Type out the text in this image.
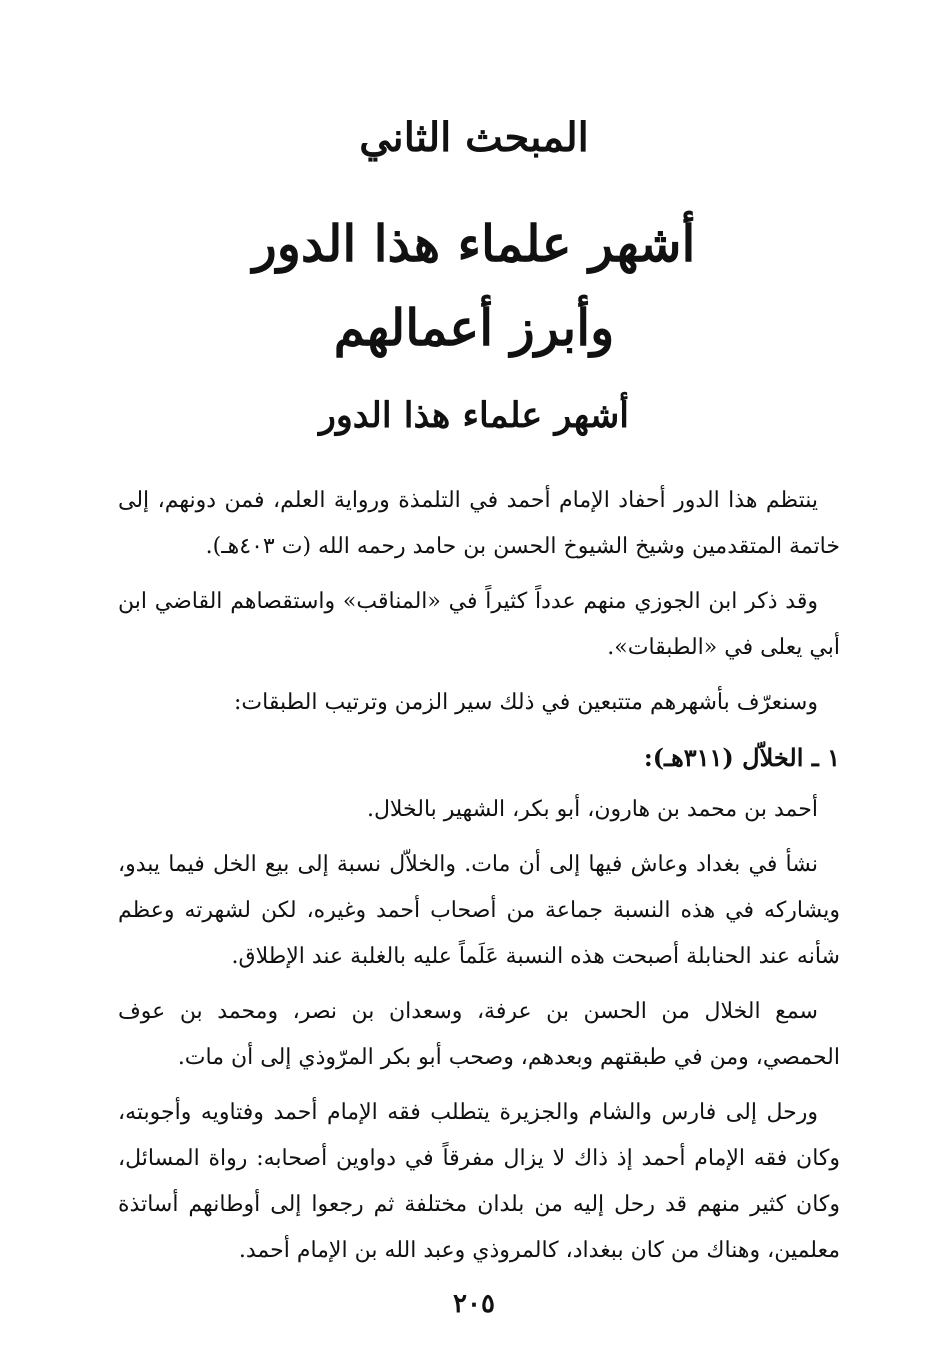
المبحث الثاني
أشهر علماء هذا الدور
وأبرز أعمالهم
أشهر علماء هذا الدور

ينتظم هذا الدور أحفاد الإمام أحمد في التلمذة ورواية العلم، فمن دونهم، إلى خاتمة المتقدمين وشيخ الشيوخ الحسن بن حامد رحمه الله (ت ٤٠٣هـ).

وقد ذكر ابن الجوزي منهم عدداً كثيراً في «المناقب» واستقصاهم القاضي ابن أبي يعلى في «الطبقات».

وسنعرّف بأشهرهم متتبعين في ذلك سير الزمن وترتيب الطبقات:

١ ـ الخلاّل (٣١١هـ):

أحمد بن محمد بن هارون، أبو بكر، الشهير بالخلال.

نشأ في بغداد وعاش فيها إلى أن مات. والخلاّل نسبة إلى بيع الخل فيما يبدو، ويشاركه في هذه النسبة جماعة من أصحاب أحمد وغيره، لكن لشهرته وعظم شأنه عند الحنابلة أصبحت هذه النسبة عَلَماً عليه بالغلبة عند الإطلاق.

سمع الخلال من الحسن بن عرفة، وسعدان بن نصر، ومحمد بن عوف الحمصي، ومن في طبقتهم وبعدهم، وصحب أبو بكر المرّوذي إلى أن مات.

ورحل إلى فارس والشام والجزيرة يتطلب فقه الإمام أحمد وفتاويه وأجوبته، وكان فقه الإمام أحمد إذ ذاك لا يزال مفرقاً في دواوين أصحابه: رواة المسائل، وكان كثير منهم قد رحل إليه من بلدان مختلفة ثم رجعوا إلى أوطانهم أساتذة معلمين، وهناك من كان ببغداد، كالمروذي وعبد الله بن الإمام أحمد.

٢٠٥
